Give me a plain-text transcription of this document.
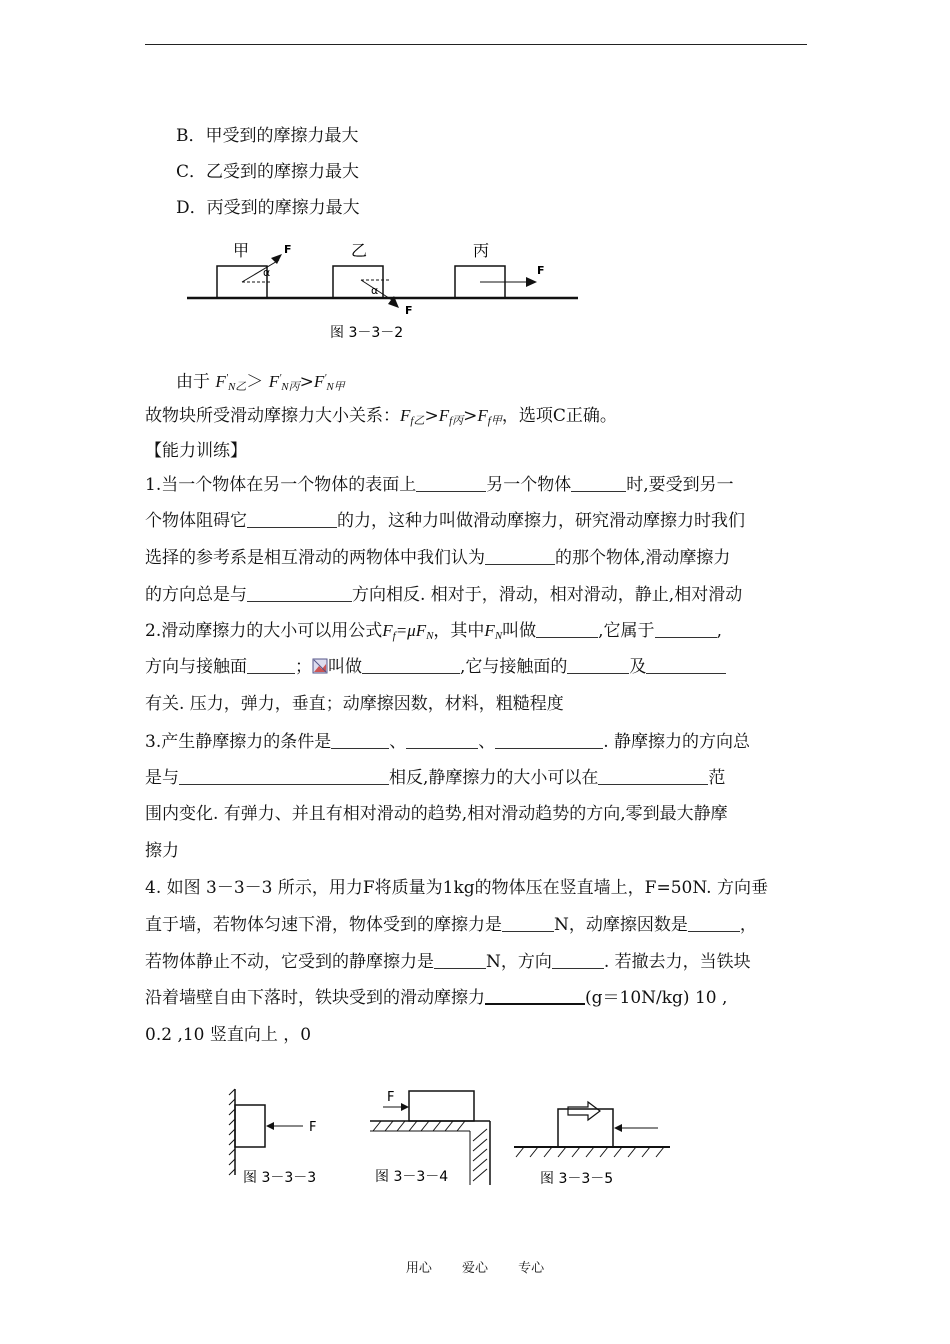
B．甲受到的摩擦力最大
C．乙受到的摩擦力最大
D．丙受到的摩擦力最大
甲	F
α
乙
F
α
丙
F
图 3－3－2
由于 $F'_{N乙}> F'_{N丙}>F'_{N甲}$
故物块所受滑动摩擦力大小关系：$F_{f乙}>F_{f丙}>F_{f甲}$，选项C正确。
【能力训练】
1.当一个物体在另一个物体的表面上	另一个物体	时,要受到另一
个物体阻碍它	的力，这种力叫做滑动摩擦力，研究滑动摩擦力时我们
选择的参考系是相互滑动的两物体中我们认为	的那个物体,滑动摩擦力
的方向总是与	方向相反. 相对于，滑动，相对滑动，静止,相对滑动
2.滑动摩擦力的大小可以用公式$F_f=\mu F_N$，其中$F_N$叫做	,它属于	,
方向与接触面	； 叫做	,它与接触面的	及
有关. 压力，弹力，垂直；动摩擦因数，材料，粗糙程度
3.产生静摩擦力的条件是	、	、	. 静摩擦力的方向总
是与	相反,静摩擦力的大小可以在	范
围内变化. 有弹力、并且有相对滑动的趋势,相对滑动趋势的方向,零到最大静摩
擦力
4. 如图 3－3－3 所示，用力F将质量为1kg的物体压在竖直墙上，F=50N. 方向垂
直于墙，若物体匀速下滑，物体受到的摩擦力是	N，动摩擦因数是	，
若物体静止不动，它受到的静摩擦力是	N，方向	. 若撤去力，当铁块
沿着墙壁自由下落时，铁块受到的滑动摩擦力	(g＝10N/kg) 10 ,
0.2 ,10 竖直向上 ，0
F
图 3－3－3
F
图 3－3－4	图 3－3－5
用心 爱心 专心
